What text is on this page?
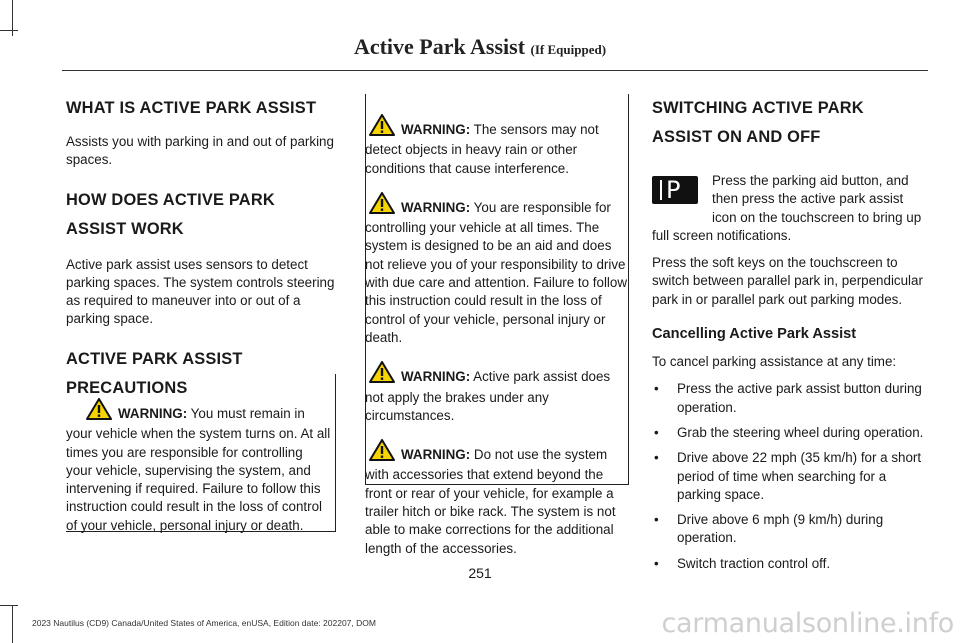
Active Park Assist (If Equipped)
WHAT IS ACTIVE PARK ASSIST

Assists you with parking in and out of parking spaces.

HOW DOES ACTIVE PARK ASSIST WORK

Active park assist uses sensors to detect parking spaces. The system controls steering as required to maneuver into or out of a parking space.

ACTIVE PARK ASSIST PRECAUTIONS

WARNING: You must remain in your vehicle when the system turns on. At all times you are responsible for controlling your vehicle, supervising the system, and intervening if required. Failure to follow this instruction could result in the loss of control of your vehicle, personal injury or death.

WARNING: The sensors may not detect objects in heavy rain or other conditions that cause interference.

WARNING: You are responsible for controlling your vehicle at all times. The system is designed to be an aid and does not relieve you of your responsibility to drive with due care and attention. Failure to follow this instruction could result in the loss of control of your vehicle, personal injury or death.

WARNING: Active park assist does not apply the brakes under any circumstances.

WARNING: Do not use the system with accessories that extend beyond the front or rear of your vehicle, for example a trailer hitch or bike rack. The system is not able to make corrections for the additional length of the accessories.

SWITCHING ACTIVE PARK ASSIST ON AND OFF
P	Press the parking aid button, and then press the active park assist icon on the touchscreen to bring up full screen notifications.

Press the soft keys on the touchscreen to switch between parallel park in, perpendicular park in or parallel park out parking modes.

Cancelling Active Park Assist

To cancel parking assistance at any time:

• Press the active park assist button during operation.
• Grab the steering wheel during operation.
• Drive above 22 mph (35 km/h) for a short period of time when searching for a parking space.
• Drive above 6 mph (9 km/h) during operation.
• Switch traction control off.
251
2023 Nautilus (CD9) Canada/United States of America, enUSA, Edition date: 202207, DOM	carmanualsonline.info
